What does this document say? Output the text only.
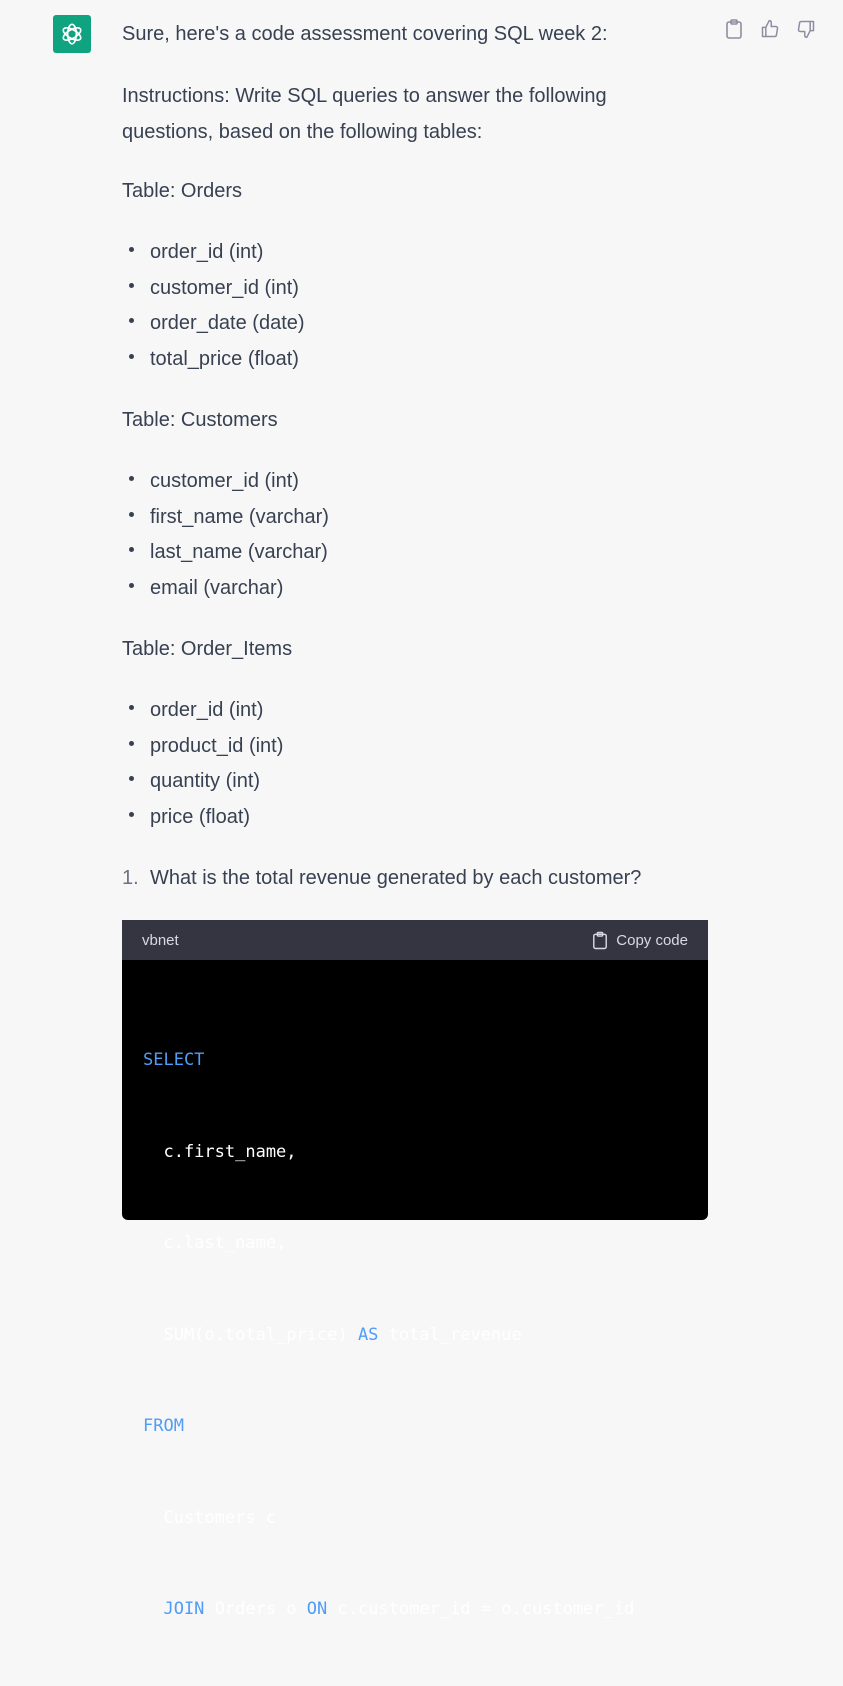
Sure, here's a code assessment covering SQL week 2:

Instructions: Write SQL queries to answer the following questions, based on the following tables:

Table: Orders

order_id (int)
customer_id (int)
order_date (date)
total_price (float)

Table: Customers

customer_id (int)
first_name (varchar)
last_name (varchar)
email (varchar)

Table: Order_Items

order_id (int)
product_id (int)
quantity (int)
price (float)

1. What is the total revenue generated by each customer?

vbnet	Copy code

SELECT

c.first_name,

c.last_name,

SUM(o.total_price) AS total_revenue

FROM

Customers c

JOIN Orders o ON c.customer_id = o.customer_id
